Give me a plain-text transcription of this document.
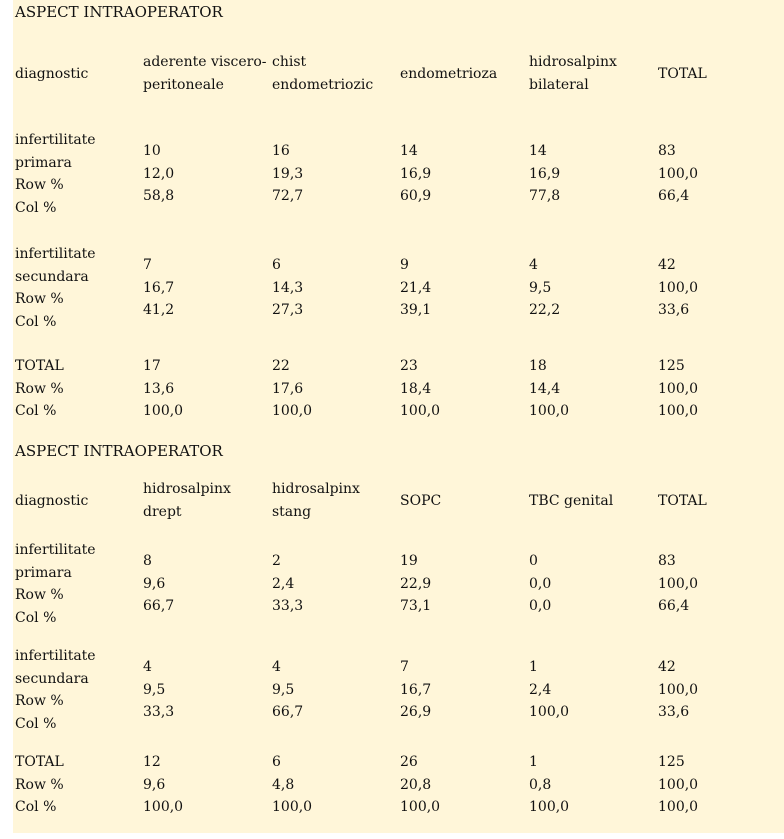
ASPECT INTRAOPERATOR
diagnostic
aderente viscero-
peritoneale
chist
endometriozic
endometrioza
hidrosalpinx
bilateral
TOTAL
infertilitate
primara
Row %
Col %
10
12,0
58,8
16
19,3
72,7
14
16,9
60,9
14
16,9
77,8
83
100,0
66,4
infertilitate
secundara
Row %
Col %
7
16,7
41,2
6
14,3
27,3
9
21,4
39,1
4
9,5
22,2
42
100,0
33,6
TOTAL
Row %
Col %
17
13,6
100,0
22
17,6
100,0
23
18,4
100,0
18
14,4
100,0
125
100,0
100,0
ASPECT INTRAOPERATOR
diagnostic
hidrosalpinx
drept
hidrosalpinx
stang
SOPC	TBC genital	TOTAL
infertilitate
primara
Row %
Col %
8
9,6
66,7
2
2,4
33,3
19
22,9
73,1
0
0,0
0,0
83
100,0
66,4
infertilitate
secundara
Row %
Col %
4
9,5
33,3
4
9,5
66,7
7
16,7
26,9
1
2,4
100,0
42
100,0
33,6
TOTAL
Row %
Col %
12
9,6
100,0
6
4,8
100,0
26
20,8
100,0
1
0,8
100,0
125
100,0
100,0
